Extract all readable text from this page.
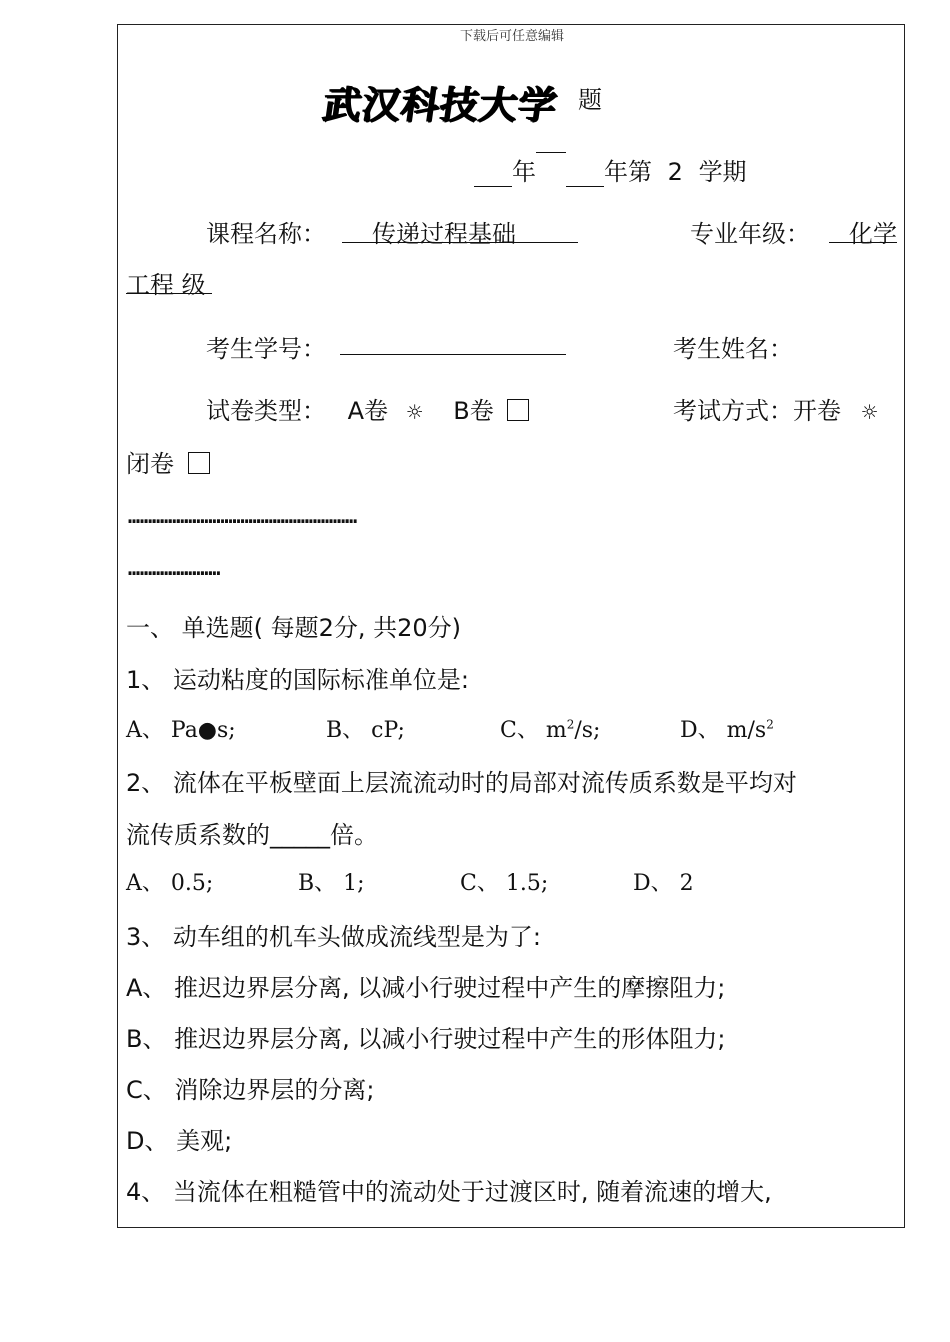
下载后可任意编辑
武汉科技大学 题
年	年第 2 学期
课程名称：	传递过程基础	专业年级：	化学
工程 级
考生学号：	考生姓名：
试卷类型： A卷 ☼ B卷	考试方式：开卷 ☼
闭卷
…………………………………………………………………………
……………………………
一、 单选题( 每题2分, 共20分)
1、 运动粘度的国际标准单位是:
A、 Pa●s;	B、 cP;	C、 $m^2/s$;	D、 $m/s^2$
2、 流体在平板壁面上层流流动时的局部对流传质系数是平均对
流传质系数的_____倍。
A、 0.5;	B、 1;	C、 1.5;	D、 2
3、 动车组的机车头做成流线型是为了:
A、 推迟边界层分离, 以减小行驶过程中产生的摩擦阻力;
B、 推迟边界层分离, 以减小行驶过程中产生的形体阻力;
C、 消除边界层的分离;
D、 美观;
4、 当流体在粗糙管中的流动处于过渡区时, 随着流速的增大,
